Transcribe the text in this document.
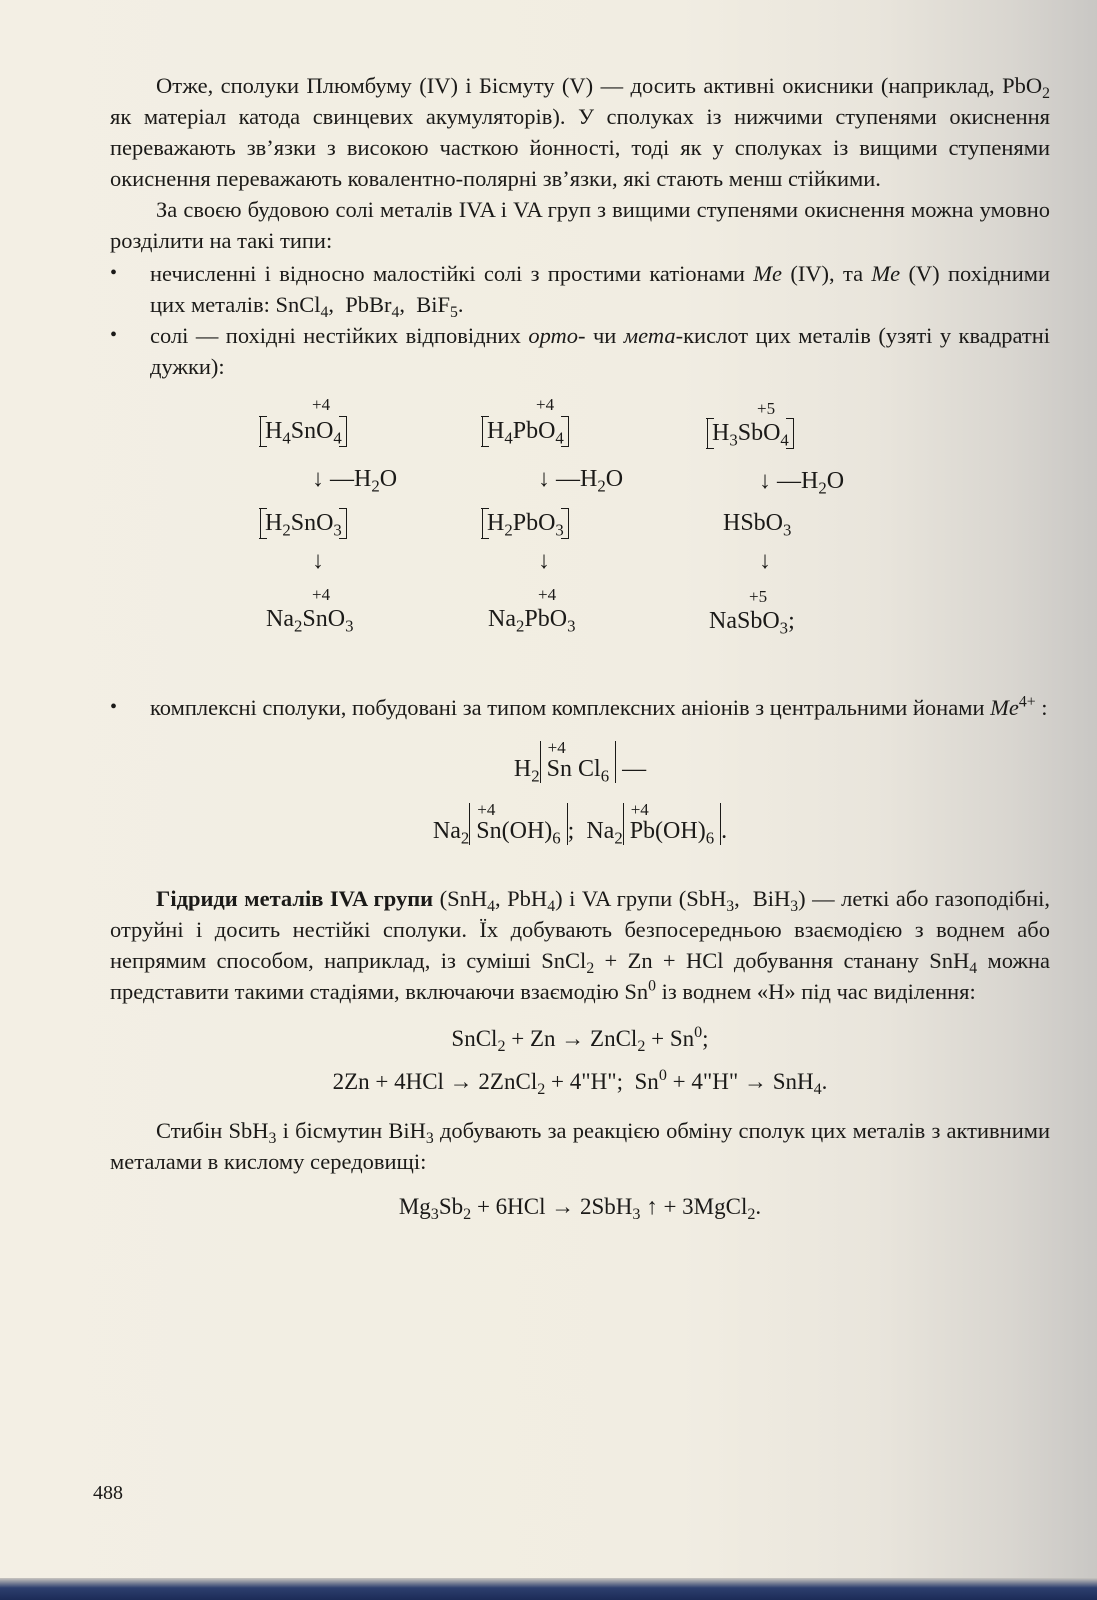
Отже, сполуки Плюмбуму (IV) і Бісмуту (V) — досить активні окисники (наприклад, PbO$_2$ як матеріал катода свинцевих акумуляторів). У сполуках із нижчими ступенями окиснення переважають зв’язки з високою часткою йонності, тоді як у сполуках із вищими ступенями окиснення переважають ковалентно-полярні зв’язки, які стають менш стійкими.

За своєю будовою солі металів IVA і VA груп з вищими ступенями окиснення можна умовно розділити на такі типи:

• нечисленні і відносно малостійкі солі з простими катіонами Me (IV), та Me (V) похідними цих металів: SnCl$_4$,  PbBr$_4$,  BiF$_5$.
• солі — похідні нестійких відповідних орто- чи мета-кислот цих металів (узяті у квадратні дужки):
+4
$H_4SnO_4$
↓ $—H_2O$
$H_2SnO_3$
↓
+4
$Na_2SnO_3$
+4
$H_4PbO_4$
↓ $—H_2O$
$H_2PbO_3$
↓
+4
$Na_2PbO_3$
+5
$H_3SbO_4$
↓ $—H_2O$
HSbO$_3$
↓
+5
NaSbO$_3$;
• комплексні сполуки, побудовані за типом комплексних аніонів з центральними йонами $Me^{4+}$ :
$H_2$
+4
Sn $Cl_6$ —
$Na_2$
+4
$Sn(OH)_6$ ;  $Na_2$
+4
$Pb(OH)_6$ .

Гідриди металів IVA групи (SnH$_4$, PbH$_4$) і VA групи (SbH$_3$,  BiH$_3$) — леткі або газоподібні, отруйні і досить нестійкі сполуки. Їх добувають безпосередньою взаємодією з воднем або непрямим способом, наприклад, із суміші SnCl$_2$ + Zn + HCl добування станану SnH$_4$ можна представити такими стадіями, включаючи взаємодію Sn$^0$ із воднем «Н» під час виділення:

SnCl$_2$ + Zn → ZnCl$_2$ + $Sn^0$;
2Zn + 4HCl → 2ZnCl$_2$ + 4"H";  $Sn^0$ + 4"H" → SnH$_4$.

Стибін SbH$_3$ і бісмутин BiH$_3$ добувають за реакцією обміну сполук цих металів з активними металами в кислому середовищі:

$Mg_3Sb_2 + 6HCl \to 2SbH_3$ ↑ + 3MgCl$_2$.
488
